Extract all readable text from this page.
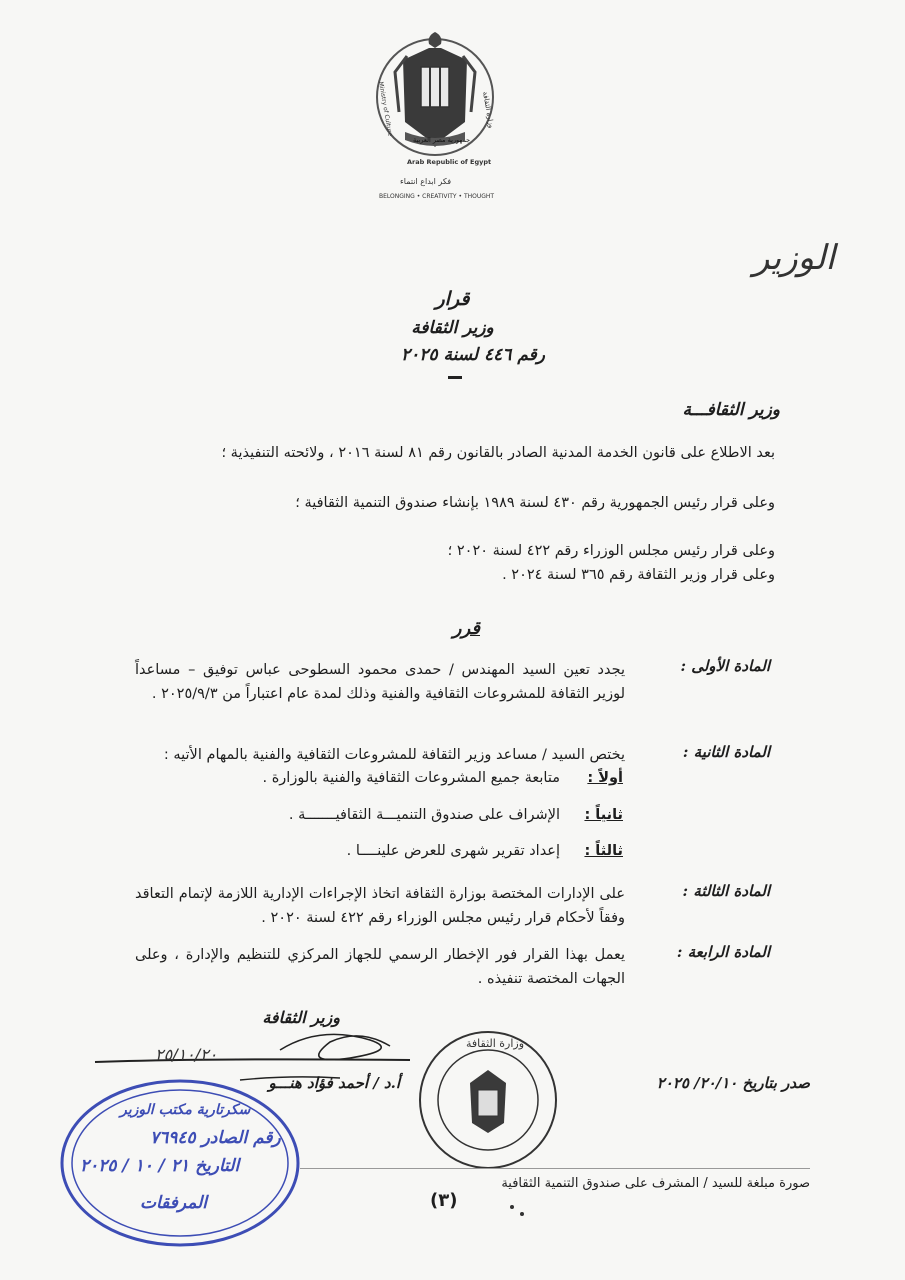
وزارة الثقافة
Ministry of Culture
Arab Republic of Egypt
جمهورية مصر العربية
فكر ابداع انتماء
BELONGING • CREATIVITY • THOUGHT
الوزير
قرار
وزير الثقافة
رقم ٤٤٦ لسنة ٢٠٢٥
وزير الثقافـــة
بعد الاطلاع على قانون الخدمة المدنية الصادر بالقانون رقم ٨١ لسنة ٢٠١٦ ، ولائحته التنفيذية ؛
وعلى قرار رئيس الجمهورية رقم ٤٣٠ لسنة ١٩٨٩ بإنشاء صندوق التنمية الثقافية ؛
وعلى قرار رئيس مجلس الوزراء رقم ٤٢٢ لسنة ٢٠٢٠ ؛
وعلى قرار وزير الثقافة رقم ٣٦٥ لسنة ٢٠٢٤ .
قرر
المادة الأولى :
يجدد تعين السيد المهندس / حمدى محمود السطوحى عباس توفيق – مساعداً لوزير الثقافة للمشروعات الثقافية والفنية وذلك لمدة عام اعتباراً من ٢٠٢٥/٩/٣ .
المادة الثانية :
يختص السيد / مساعد وزير الثقافة للمشروعات الثقافية والفنية بالمهام الأتيه :
أولاً :
متابعة جميع المشروعات الثقافية والفنية بالوزارة .
ثانياً :
الإشراف على صندوق التنميـــة الثقافيـــــــة .
ثالثاً :
إعداد تقرير شهرى للعرض علينــــا .
المادة الثالثة :
على الإدارات المختصة بوزارة الثقافة اتخاذ الإجراءات الإدارية اللازمة لإتمام التعاقد وفقاً لأحكام قرار رئيس مجلس الوزراء رقم ٤٢٢ لسنة ٢٠٢٠ .
المادة الرابعة :
يعمل بهذا القرار فور الإخطار الرسمي للجهاز المركزي للتنظيم والإدارة ، وعلى الجهات المختصة تنفيذه .
وزير الثقافة
٢٥/١٠/٢٠
أ.د / أحمد فؤاد هنـــو	صدر بتاريخ ٢٠/١٠/ ٢٠٢٥
وزارة الثقافة
سكرتارية مكتب الوزير
رقم الصادر ٧٦٩٤٥
التاريخ ٢١ / ١٠ / ٢٠٢٥
المرفقات
صورة مبلغة للسيد / المشرف على صندوق التنمية الثقافية
(٣)
